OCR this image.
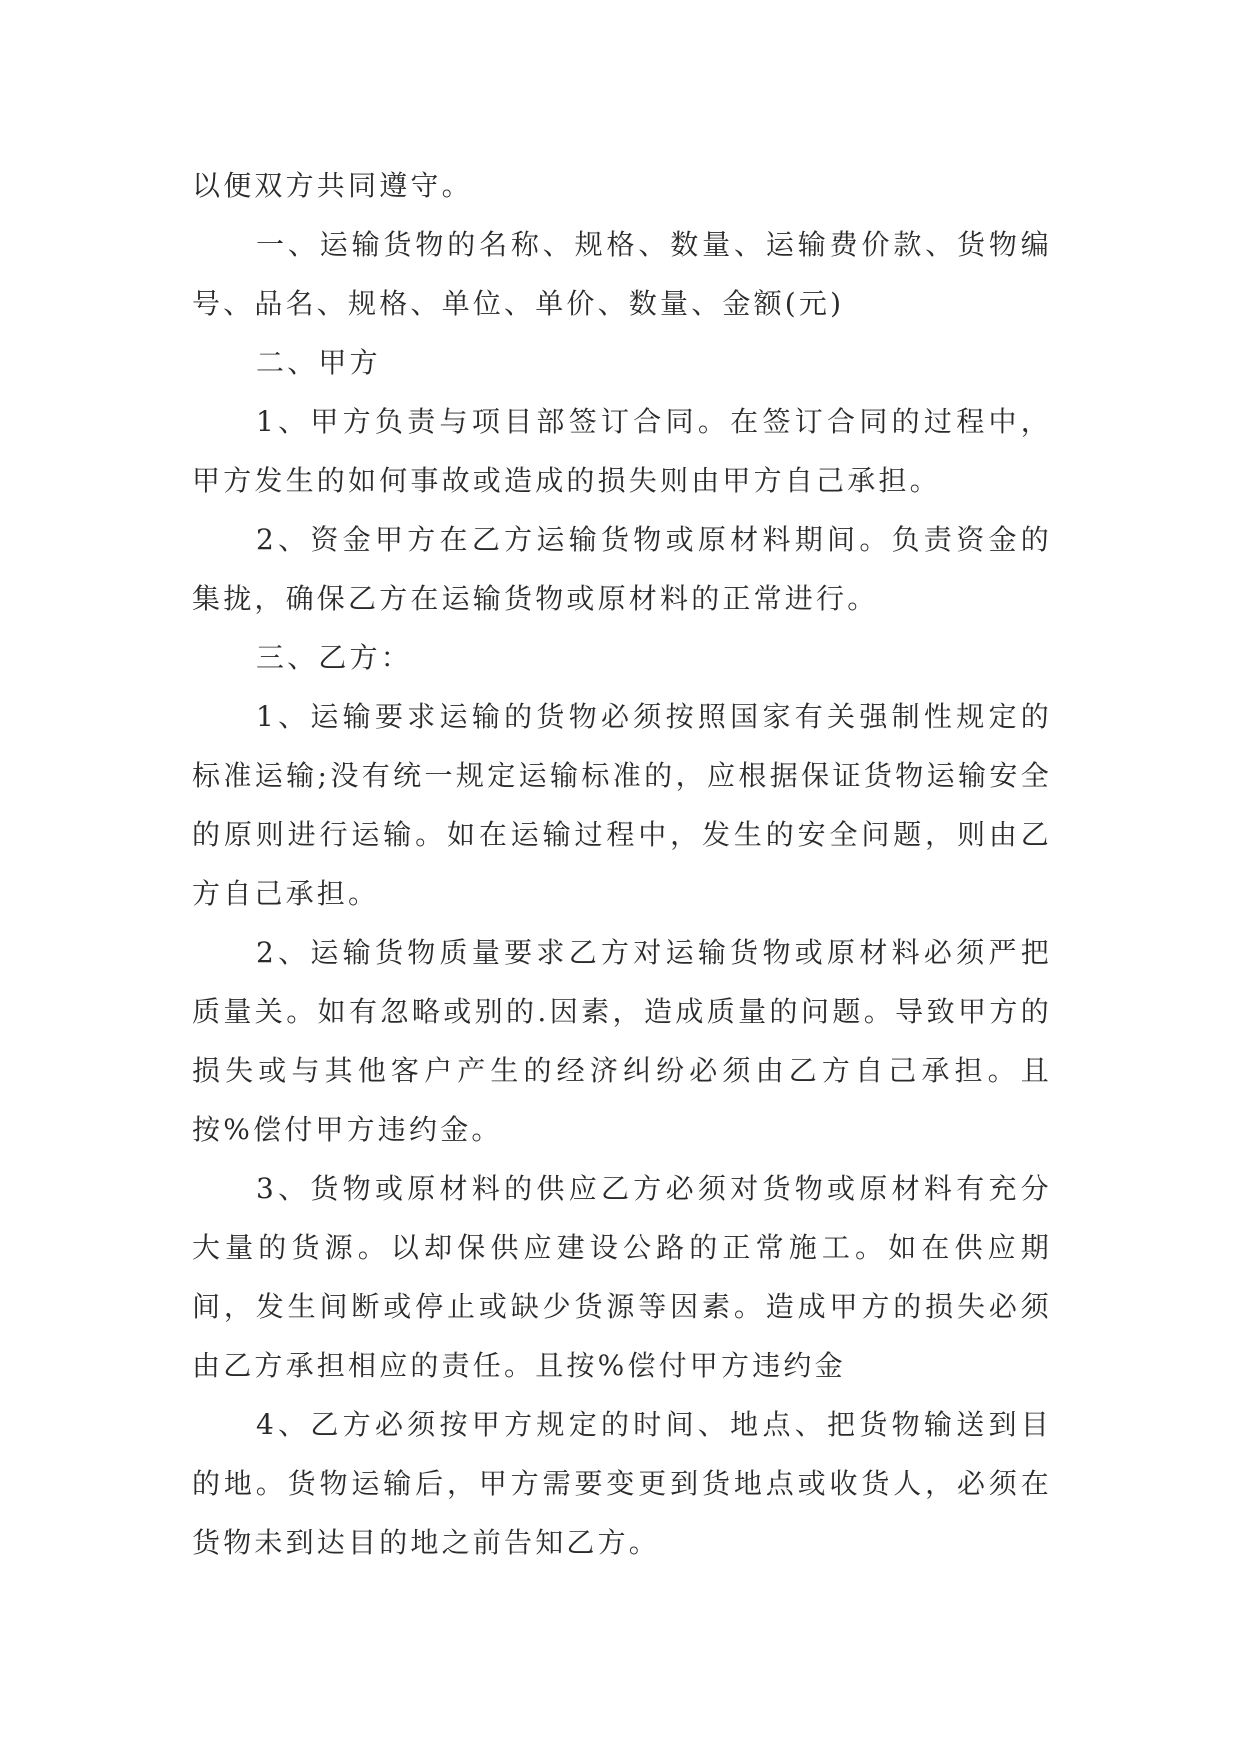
以便双方共同遵守。

一、运输货物的名称、规格、数量、运输费价款、货物编号、品名、规格、单位、单价、数量、金额(元)

二、甲方

1、甲方负责与项目部签订合同。在签订合同的过程中，甲方发生的如何事故或造成的损失则由甲方自己承担。

2、资金甲方在乙方运输货物或原材料期间。负责资金的集拢，确保乙方在运输货物或原材料的正常进行。

三、乙方：

1、运输要求运输的货物必须按照国家有关强制性规定的标准运输;没有统一规定运输标准的，应根据保证货物运输安全的原则进行运输。如在运输过程中，发生的安全问题，则由乙方自己承担。

2、运输货物质量要求乙方对运输货物或原材料必须严把质量关。如有忽略或别的.因素，造成质量的问题。导致甲方的损失或与其他客户产生的经济纠纷必须由乙方自己承担。且按%偿付甲方违约金。

3、货物或原材料的供应乙方必须对货物或原材料有充分大量的货源。以却保供应建设公路的正常施工。如在供应期间，发生间断或停止或缺少货源等因素。造成甲方的损失必须由乙方承担相应的责任。且按%偿付甲方违约金

4、乙方必须按甲方规定的时间、地点、把货物输送到目的地。货物运输后，甲方需要变更到货地点或收货人，必须在货物未到达目的地之前告知乙方。
